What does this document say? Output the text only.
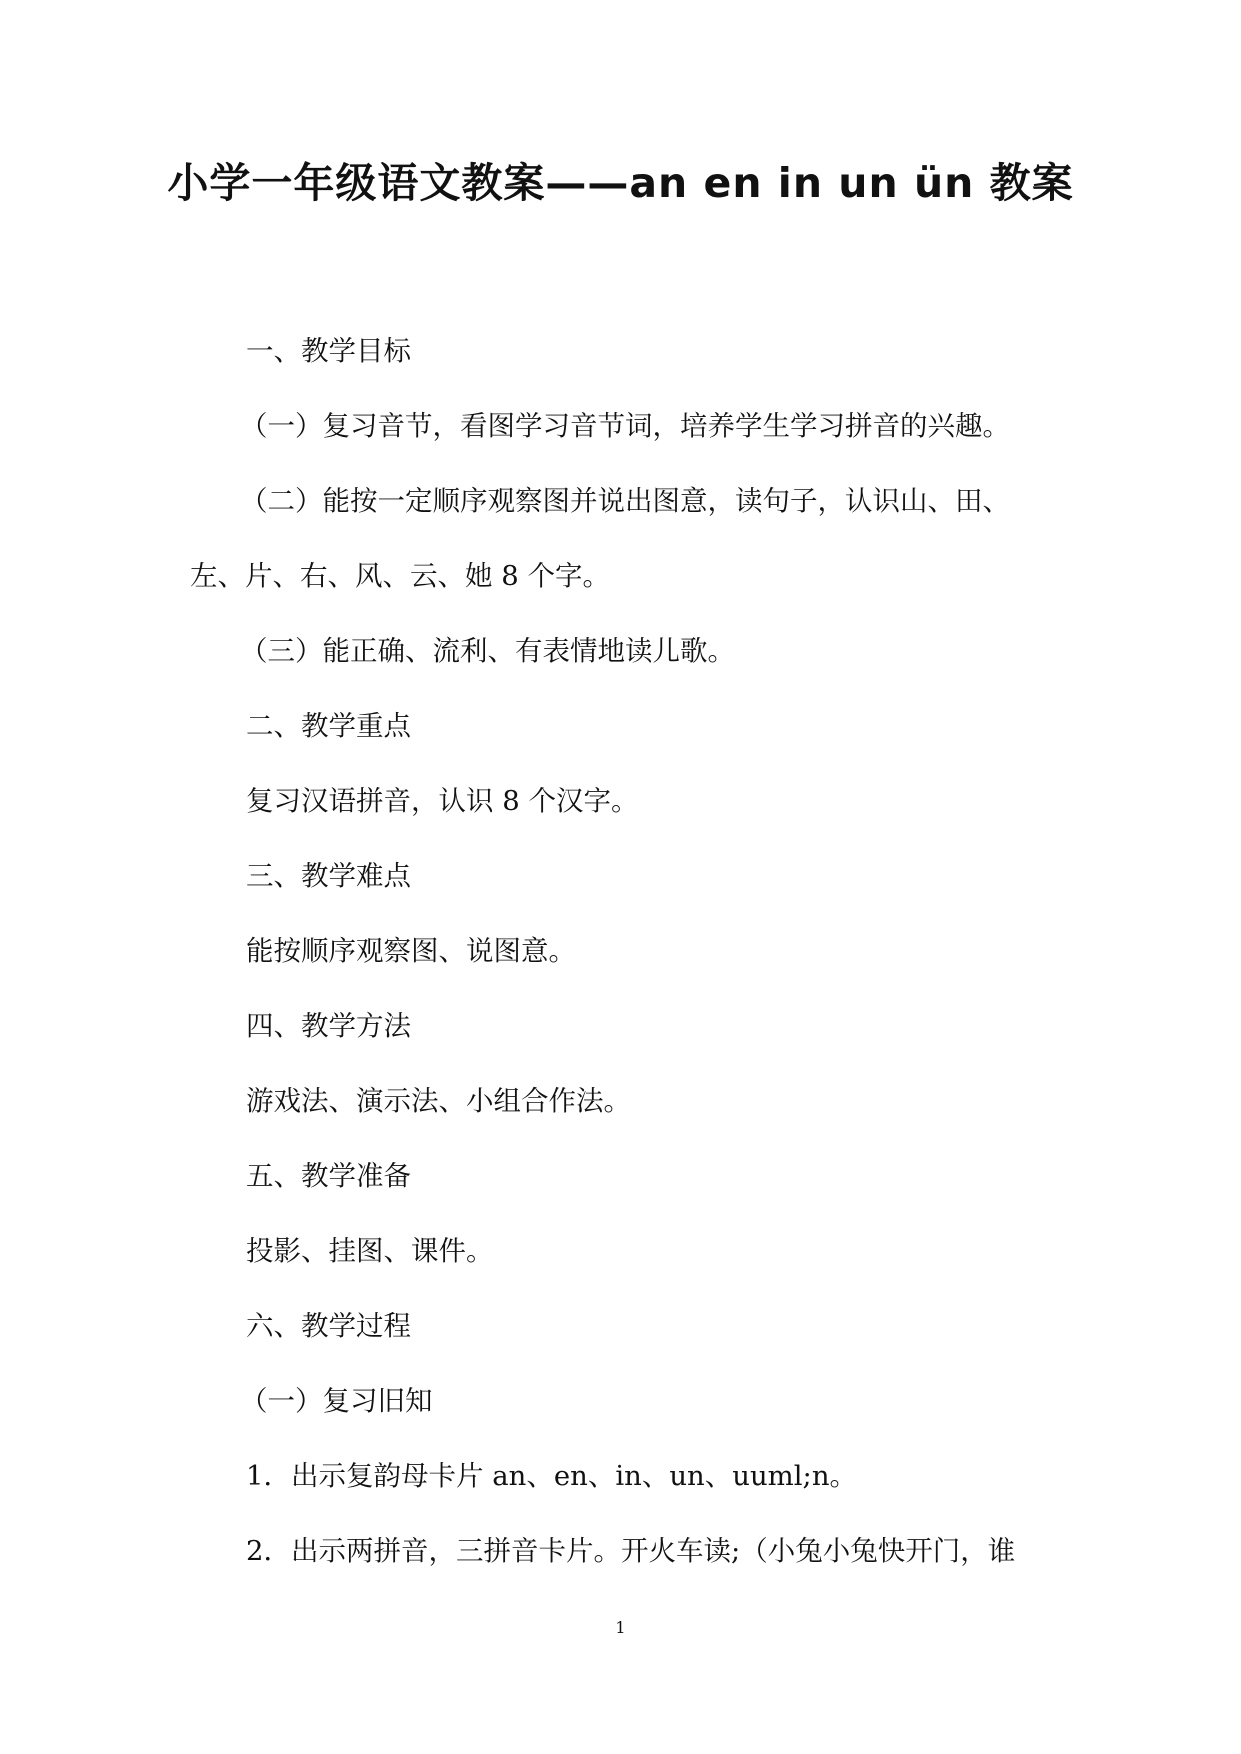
小学一年级语文教案——an en in un ün 教案
一、教学目标
（一）复习音节，看图学习音节词，培养学生学习拼音的兴趣。
（二）能按一定顺序观察图并说出图意，读句子，认识山、田、
左、片、右、风、云、她 8 个字。
（三）能正确、流利、有表情地读儿歌。
二、教学重点
复习汉语拼音，认识 8 个汉字。
三、教学难点
能按顺序观察图、说图意。
四、教学方法
游戏法、演示法、小组合作法。
五、教学准备
投影、挂图、课件。
六、教学过程
（一）复习旧知
1．出示复韵母卡片 an、en、in、un、uuml;n。
2．出示两拼音，三拼音卡片。开火车读;（小兔小兔快开门，谁
1
